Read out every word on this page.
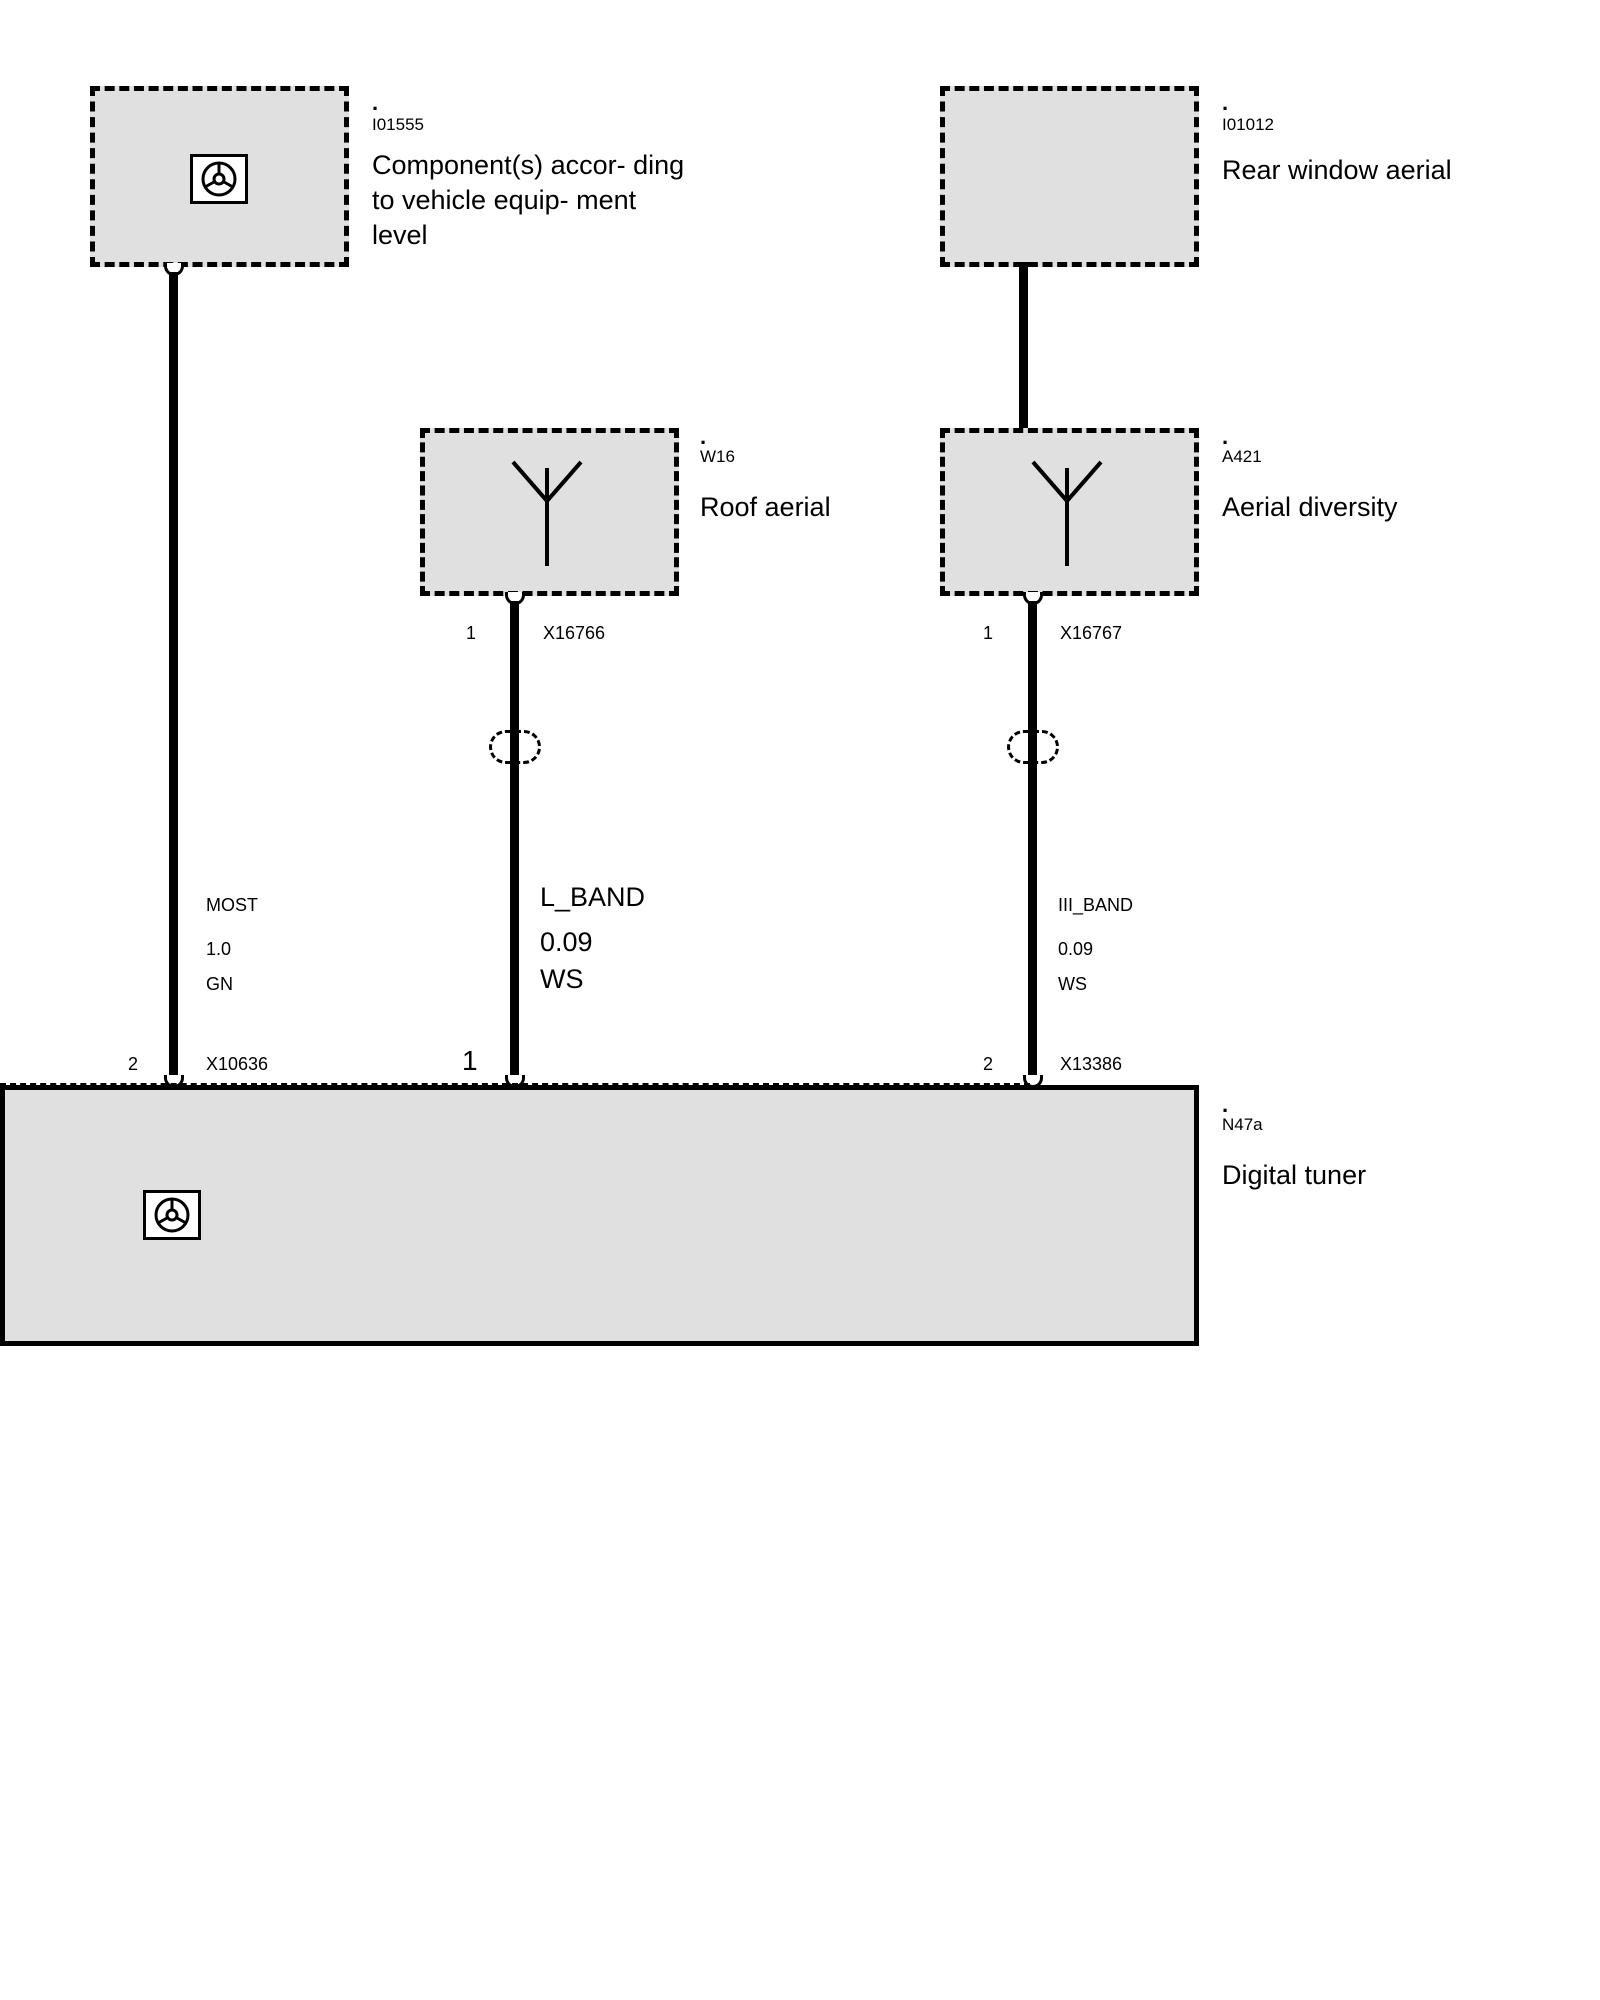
.
I01555
Component(s) accor- ding to vehicle equip- ment level
MOST
1.0
GN
2	X10636
.
I01012
Rear window aerial
.
W16
Roof aerial
1	X16766
L_BAND
0.09
WS
1
.
A421
Aerial diversity
1	X16767
III_BAND
0.09
WS
2	X13386
.
N47a
Digital tuner
